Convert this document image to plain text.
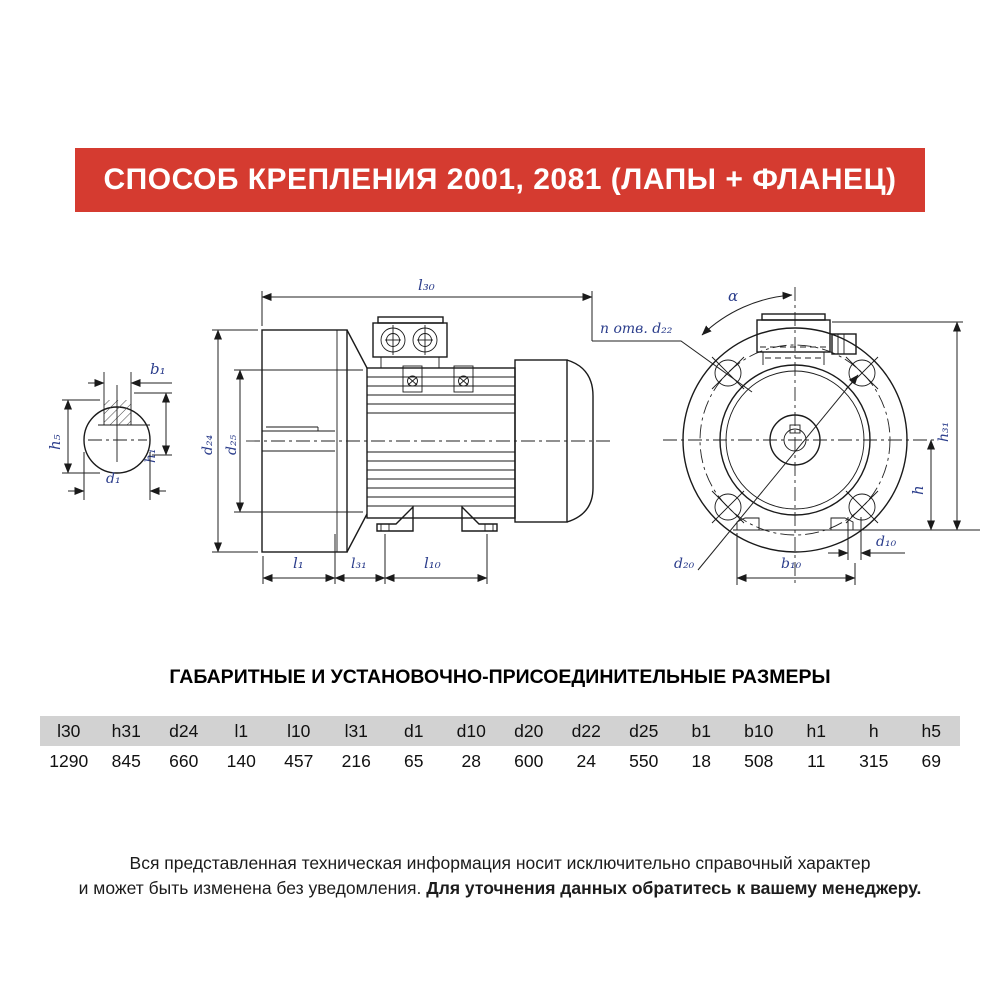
СПОСОБ КРЕПЛЕНИЯ 2001, 2081 (ЛАПЫ + ФЛАНЕЦ)
b₁
h₅
h₁
d₁
l₃₀
d₂₄ d₂₅
l₁	l₃₁	l₁₀
α
n отв. d₂₂
d₂₀
h
h₃₁
d₁₀
b₁₀
ГАБАРИТНЫЕ И УСТАНОВОЧНО-ПРИСОЕДИНИТЕЛЬНЫЕ РАЗМЕРЫ
l30	h31	d24	l1	l10	l31	d1	d10	d20	d22	d25	b1	b10	h1	h	h5
1290	845	660	140	457	216	65	28	600	24	550	18	508	11	315	69
Вся представленная техническая информация носит исключительно справочный характер
и может быть изменена без уведомления. Для уточнения данных обратитесь к вашему менеджеру.
